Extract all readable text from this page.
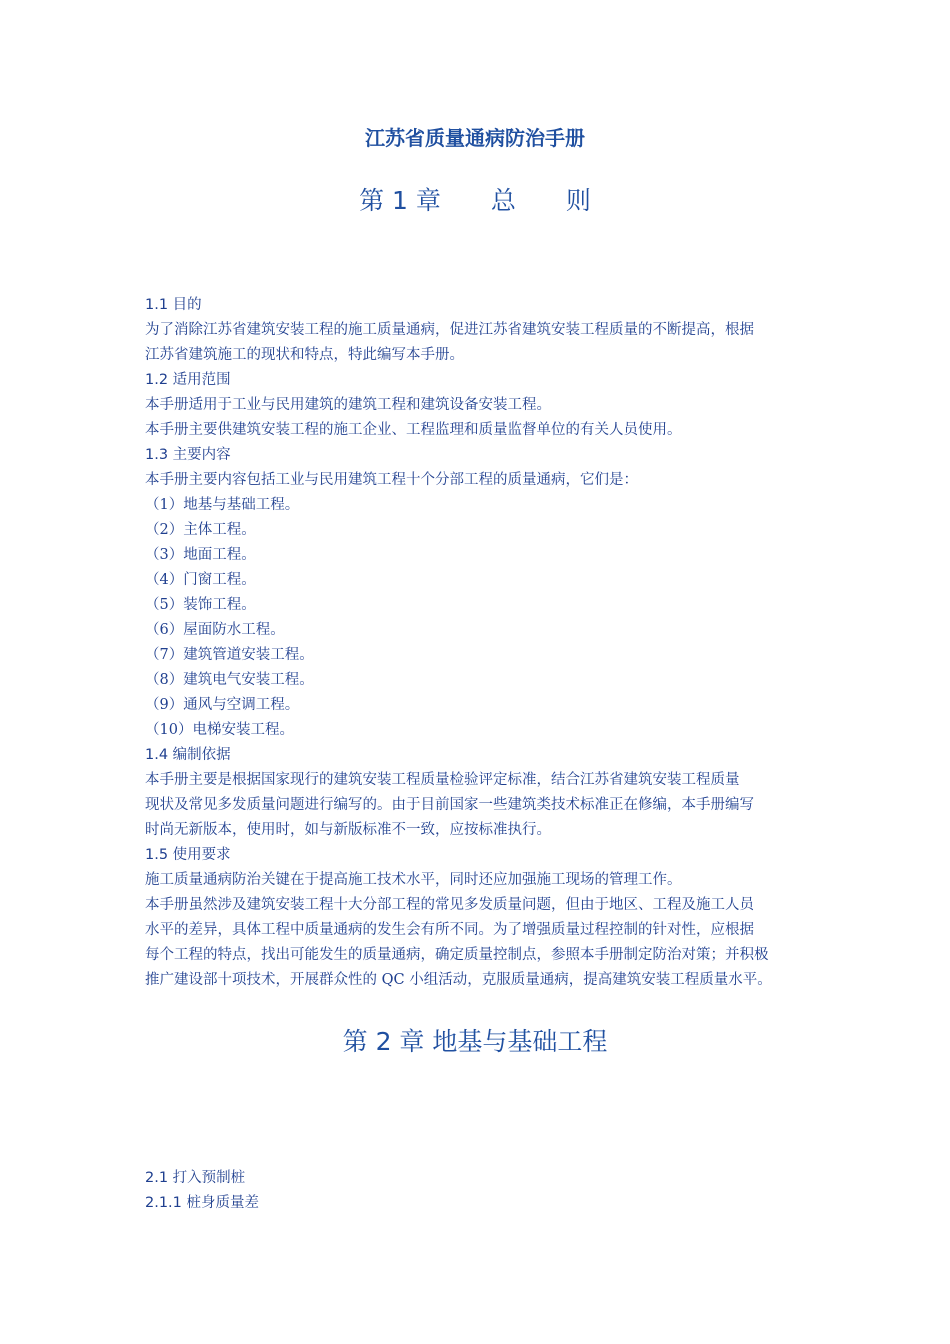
江苏省质量通病防治手册
第 1 章　　总　　则
1.1 目的
为了消除江苏省建筑安装工程的施工质量通病，促进江苏省建筑安装工程质量的不断提高，根据
江苏省建筑施工的现状和特点，特此编写本手册。
1.2 适用范围
本手册适用于工业与民用建筑的建筑工程和建筑设备安装工程。
本手册主要供建筑安装工程的施工企业、工程监理和质量监督单位的有关人员使用。
1.3 主要内容
本手册主要内容包括工业与民用建筑工程十个分部工程的质量通病，它们是：
（1）地基与基础工程。
（2）主体工程。
（3）地面工程。
（4）门窗工程。
（5）装饰工程。
（6）屋面防水工程。
（7）建筑管道安装工程。
（8）建筑电气安装工程。
（9）通风与空调工程。
（10）电梯安装工程。
1.4 编制依据
本手册主要是根据国家现行的建筑安装工程质量检验评定标准，结合江苏省建筑安装工程质量
现状及常见多发质量问题进行编写的。由于目前国家一些建筑类技术标准正在修编，本手册编写
时尚无新版本，使用时，如与新版标准不一致，应按标准执行。
1.5 使用要求
施工质量通病防治关键在于提高施工技术水平，同时还应加强施工现场的管理工作。
本手册虽然涉及建筑安装工程十大分部工程的常见多发质量问题，但由于地区、工程及施工人员
水平的差异，具体工程中质量通病的发生会有所不同。为了增强质量过程控制的针对性，应根据
每个工程的特点，找出可能发生的质量通病，确定质量控制点，参照本手册制定防治对策；并积极
推广建设部十项技术，开展群众性的 QC 小组活动，克服质量通病，提高建筑安装工程质量水平。
第 2 章 地基与基础工程
2.1 打入预制桩
2.1.1 桩身质量差
